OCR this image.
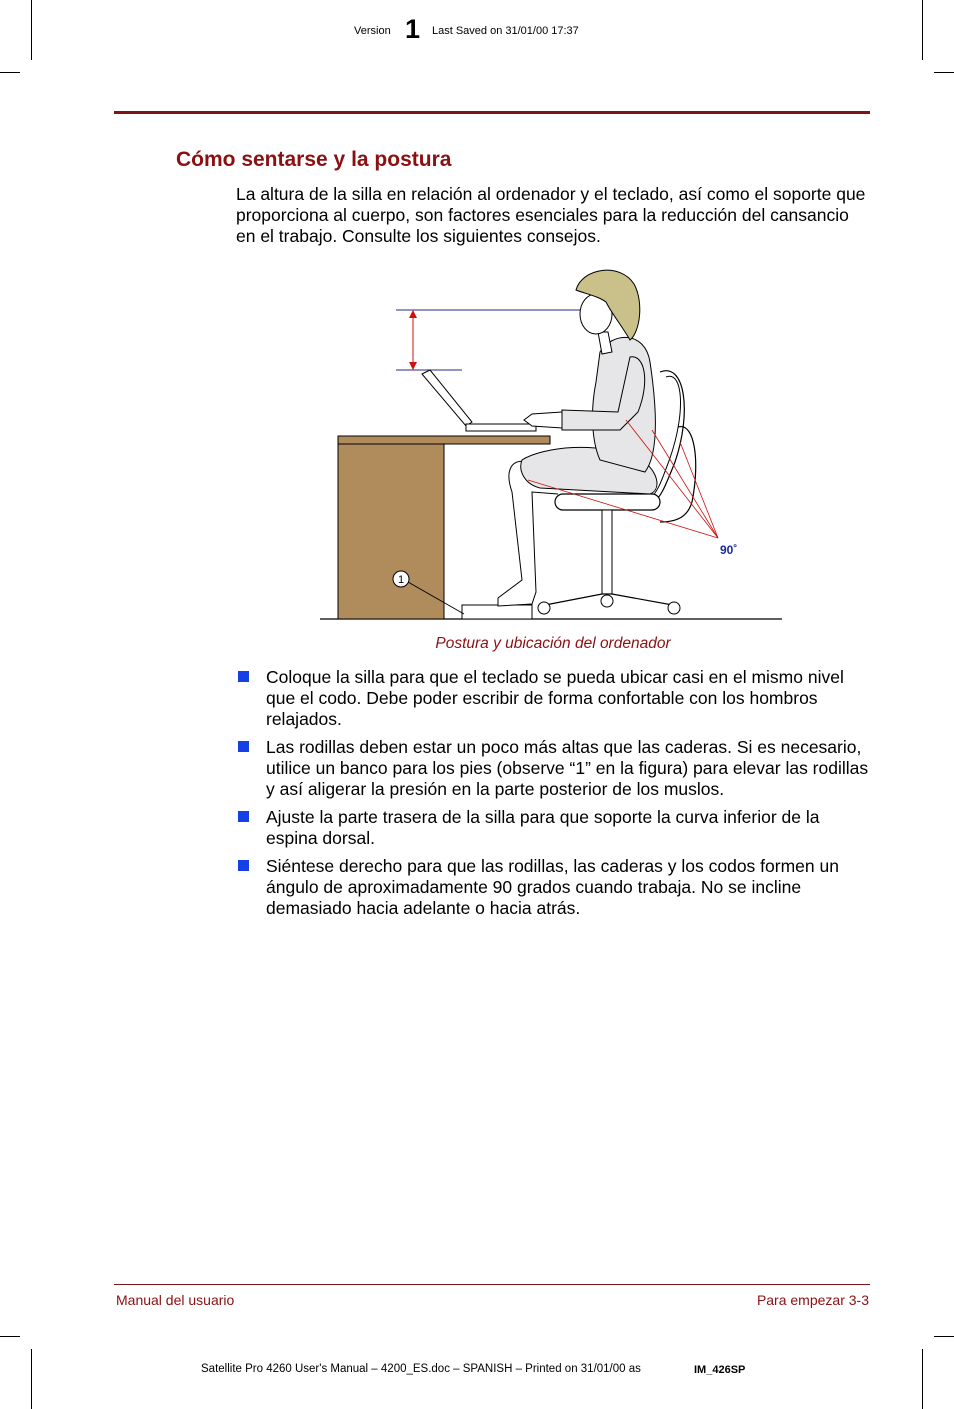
Version 1 Last Saved on 31/01/00 17:37
Cómo sentarse y la postura
La altura de la silla en relación al ordenador y el teclado, así como el soporte que proporciona al cuerpo, son factores esenciales para la reducción del cansancio en el trabajo. Consulte los siguientes consejos.
1
90˚
Postura y ubicación del ordenador
Coloque la silla para que el teclado se pueda ubicar casi en el mismo nivel que el codo. Debe poder escribir de forma confortable con los hombros relajados.
Las rodillas deben estar un poco más altas que las caderas. Si es necesario, utilice un banco para los pies (observe “1” en la figura) para elevar las rodillas y así aligerar la presión en la parte posterior de los muslos.
Ajuste la parte trasera de la silla para que soporte la curva inferior de la espina dorsal.
Siéntese derecho para que las rodillas, las caderas y los codos formen un ángulo de aproximadamente 90 grados cuando trabaja. No se incline demasiado hacia adelante o hacia atrás.
Manual del usuario	Para empezar 3-3
Satellite Pro 4260 User's Manual – 4200_ES.doc – SPANISH – Printed on 31/01/00 as	IM_426SP
